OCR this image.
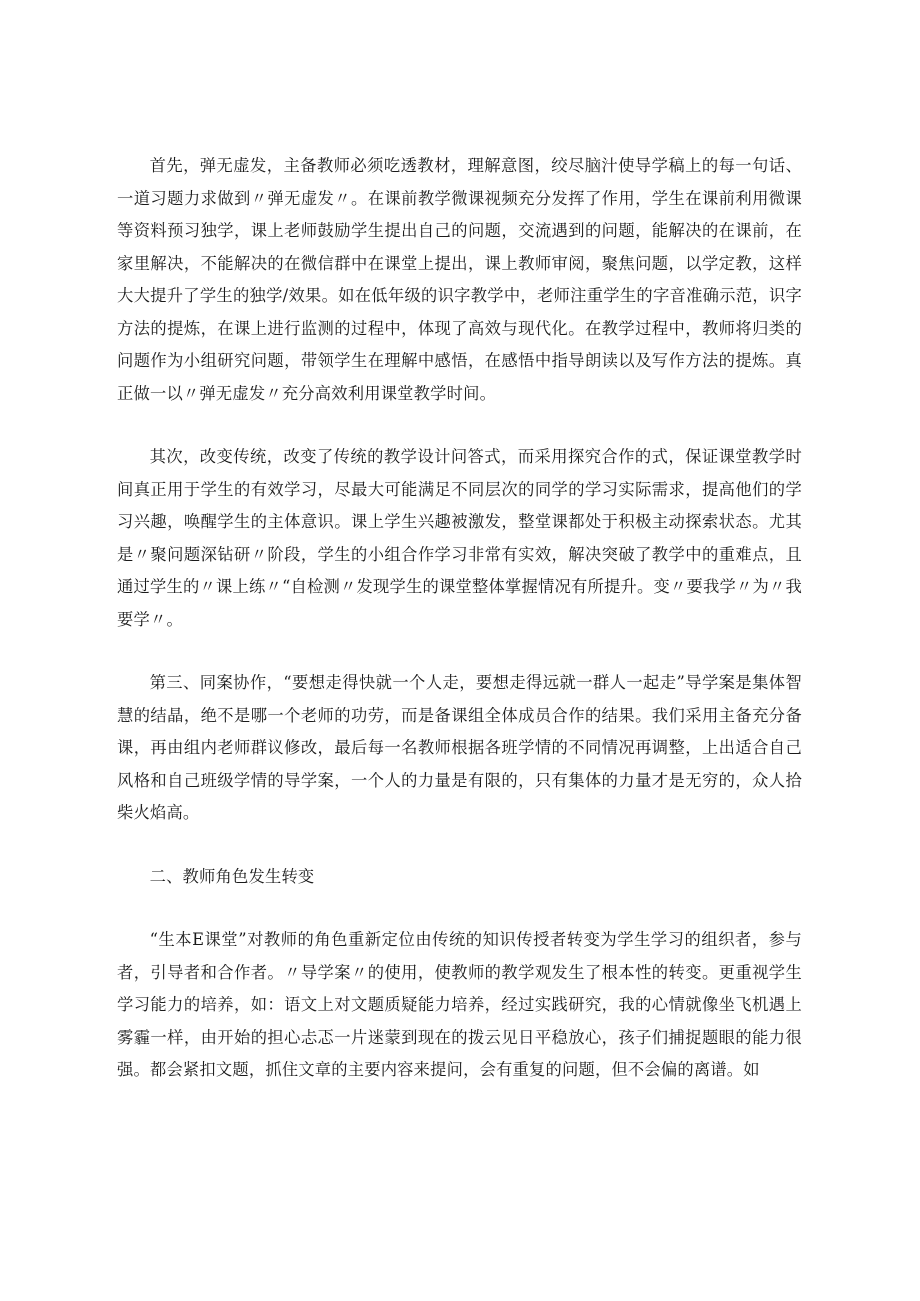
首先，弹无虚发，主备教师必须吃透教材，理解意图，绞尽脑汁使导学稿上的每一句话、一道习题力求做到〃弹无虚发〃。在课前教学微课视频充分发挥了作用，学生在课前利用微课等资料预习独学，课上老师鼓励学生提出自己的问题，交流遇到的问题，能解决的在课前，在家里解决，不能解决的在微信群中在课堂上提出，课上教师审阅，聚焦问题，以学定教，这样大大提升了学生的独学/效果。如在低年级的识字教学中，老师注重学生的字音准确示范，识字方法的提炼，在课上进行监测的过程中，体现了高效与现代化。在教学过程中，教师将归类的问题作为小组研究问题，带领学生在理解中感悟，在感悟中指导朗读以及写作方法的提炼。真正做一以〃弹无虚发〃充分高效利用课堂教学时间。

其次，改变传统，改变了传统的教学设计问答式，而采用探究合作的式，保证课堂教学时间真正用于学生的有效学习，尽最大可能满足不同层次的同学的学习实际需求，提高他们的学习兴趣，唤醒学生的主体意识。课上学生兴趣被激发，整堂课都处于积极主动探索状态。尤其是〃聚问题深钻研〃阶段，学生的小组合作学习非常有实效，解决突破了教学中的重难点，且通过学生的〃课上练〃“自检测〃发现学生的课堂整体掌握情况有所提升。变〃要我学〃为〃我要学〃。

第三、同案协作，“要想走得快就一个人走，要想走得远就一群人一起走”导学案是集体智慧的结晶，绝不是哪一个老师的功劳，而是备课组全体成员合作的结果。我们采用主备充分备课，再由组内老师群议修改，最后每一名教师根据各班学情的不同情况再调整，上出适合自己风格和自己班级学情的导学案，一个人的力量是有限的，只有集体的力量才是无穷的，众人拾柴火焰高。

二、教师角色发生转变

“生本E课堂”对教师的角色重新定位由传统的知识传授者转变为学生学习的组织者，参与者，引导者和合作者。〃导学案〃的使用，使教师的教学观发生了根本性的转变。更重视学生学习能力的培养，如：语文上对文题质疑能力培养，经过实践研究，我的心情就像坐飞机遇上雾霾一样，由开始的担心忐忑一片迷蒙到现在的拨云见日平稳放心，孩子们捕捉题眼的能力很强。都会紧扣文题，抓住文章的主要内容来提问，会有重复的问题，但不会偏的离谱。如
